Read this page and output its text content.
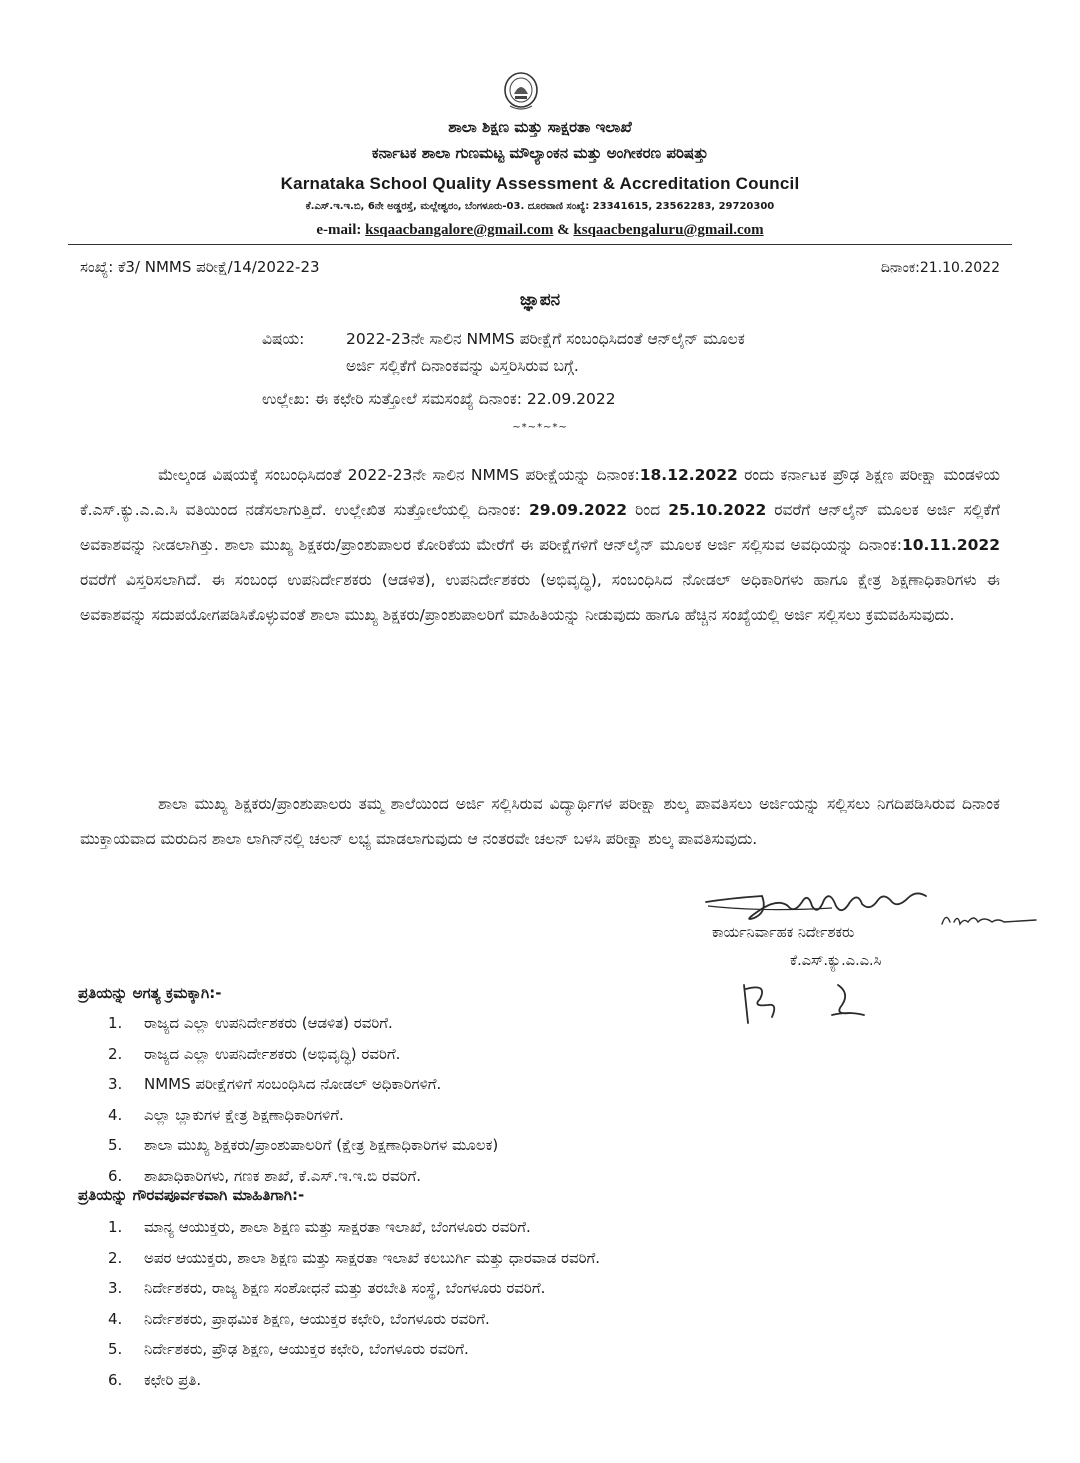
ಶಾಲಾ ಶಿಕ್ಷಣ ಮತ್ತು ಸಾಕ್ಷರತಾ ಇಲಾಖೆ
ಕರ್ನಾಟಕ ಶಾಲಾ ಗುಣಮಟ್ಟ ಮೌಲ್ಯಾಂಕನ ಮತ್ತು ಅಂಗೀಕರಣ ಪರಿಷತ್ತು
Karnataka School Quality Assessment & Accreditation Council
ಕೆ.ಎಸ್.ಇ.ಇ.ಬಿ, 6ನೇ ಅಡ್ಡರಸ್ತೆ, ಮಲ್ಲೇಶ್ವರಂ, ಬೆಂಗಳೂರು-03. ದೂರವಾಣಿ ಸಂಖ್ಯೆ: 23341615, 23562283, 29720300
e-mail: ksqaacbangalore@gmail.com & ksqaacbengaluru@gmail.com
ಸಂಖ್ಯೆ: ಕೆ3/ NMMS ಪರೀಕ್ಷೆ/14/2022-23	ದಿನಾಂಕ:21.10.2022
ಜ್ಞಾಪನ
ವಿಷಯ:	2022-23ನೇ ಸಾಲಿನ NMMS ಪರೀಕ್ಷೆಗೆ ಸಂಬಂಧಿಸಿದಂತೆ ಆನ್‌ಲೈನ್ ಮೂಲಕ
ಅರ್ಜಿ ಸಲ್ಲಿಕೆಗೆ ದಿನಾಂಕವನ್ನು ವಿಸ್ತರಿಸಿರುವ ಬಗ್ಗೆ.
ಉಲ್ಲೇಖ: ಈ ಕಛೇರಿ ಸುತ್ತೋಲೆ ಸಮಸಂಖ್ಯೆ ದಿನಾಂಕ: 22.09.2022
~*~*~*~
ಮೇಲ್ಕಂಡ ವಿಷಯಕ್ಕೆ ಸಂಬಂಧಿಸಿದಂತೆ 2022-23ನೇ ಸಾಲಿನ NMMS ಪರೀಕ್ಷೆಯನ್ನು ದಿನಾಂಕ:18.12.2022 ರಂದು ಕರ್ನಾಟಕ ಪ್ರೌಢ ಶಿಕ್ಷಣ ಪರೀಕ್ಷಾ ಮಂಡಳಿಯ ಕೆ.ಎಸ್.ಕ್ಯು.ಎ.ಎ.ಸಿ ವತಿಯಿಂದ ನಡೆಸಲಾಗುತ್ತಿದೆ. ಉಲ್ಲೇಖಿತ ಸುತ್ತೋಲೆಯಲ್ಲಿ ದಿನಾಂಕ: 29.09.2022 ರಿಂದ 25.10.2022 ರವರೆಗೆ ಆನ್‌ಲೈನ್ ಮೂಲಕ ಅರ್ಜಿ ಸಲ್ಲಿಕೆಗೆ ಅವಕಾಶವನ್ನು ನೀಡಲಾಗಿತ್ತು. ಶಾಲಾ ಮುಖ್ಯ ಶಿಕ್ಷಕರು/ಪ್ರಾಂಶುಪಾಲರ ಕೋರಿಕೆಯ ಮೇರೆಗೆ ಈ ಪರೀಕ್ಷೆಗಳಿಗೆ ಆನ್‌ಲೈನ್ ಮೂಲಕ ಅರ್ಜಿ ಸಲ್ಲಿಸುವ ಅವಧಿಯನ್ನು ದಿನಾಂಕ:10.11.2022 ರವರೆಗೆ ವಿಸ್ತರಿಸಲಾಗಿದೆ. ಈ ಸಂಬಂಧ ಉಪನಿರ್ದೇಶಕರು (ಆಡಳಿತ), ಉಪನಿರ್ದೇಶಕರು (ಅಭಿವೃದ್ಧಿ), ಸಂಬಂಧಿಸಿದ ನೋಡಲ್ ಅಧಿಕಾರಿಗಳು ಹಾಗೂ ಕ್ಷೇತ್ರ ಶಿಕ್ಷಣಾಧಿಕಾರಿಗಳು ಈ ಅವಕಾಶವನ್ನು ಸದುಪಯೋಗಪಡಿಸಿಕೊಳ್ಳುವಂತೆ ಶಾಲಾ ಮುಖ್ಯ ಶಿಕ್ಷಕರು/ಪ್ರಾಂಶುಪಾಲರಿಗೆ ಮಾಹಿತಿಯನ್ನು ನೀಡುವುದು ಹಾಗೂ ಹೆಚ್ಚಿನ ಸಂಖ್ಯೆಯಲ್ಲಿ ಅರ್ಜಿ ಸಲ್ಲಿಸಲು ಕ್ರಮವಹಿಸುವುದು.
ಶಾಲಾ ಮುಖ್ಯ ಶಿಕ್ಷಕರು/ಪ್ರಾಂಶುಪಾಲರು ತಮ್ಮ ಶಾಲೆಯಿಂದ ಅರ್ಜಿ ಸಲ್ಲಿಸಿರುವ ವಿದ್ಯಾರ್ಥಿಗಳ ಪರೀಕ್ಷಾ ಶುಲ್ಕ ಪಾವತಿಸಲು ಅರ್ಜಿಯನ್ನು ಸಲ್ಲಿಸಲು ನಿಗದಿಪಡಿಸಿರುವ ದಿನಾಂಕ ಮುಕ್ತಾಯವಾದ ಮರುದಿನ ಶಾಲಾ ಲಾಗಿನ್‌ನಲ್ಲಿ ಚಲನ್ ಲಭ್ಯ ಮಾಡಲಾಗುವುದು ಆ ನಂತರವೇ ಚಲನ್ ಬಳಸಿ ಪರೀಕ್ಷಾ ಶುಲ್ಕ ಪಾವತಿಸುವುದು.
ಕಾರ್ಯನಿರ್ವಾಹಕ ನಿರ್ದೇಶಕರು
ಕೆ.ಎಸ್.ಕ್ಯು.ಎ.ಎ.ಸಿ
ಪ್ರತಿಯನ್ನು ಅಗತ್ಯ ಕ್ರಮಕ್ಕಾಗಿ:-
1. ರಾಜ್ಯದ ಎಲ್ಲಾ ಉಪನಿರ್ದೇಶಕರು (ಆಡಳಿತ) ರವರಿಗೆ.
2. ರಾಜ್ಯದ ಎಲ್ಲಾ ಉಪನಿರ್ದೇಶಕರು (ಅಭಿವೃದ್ಧಿ) ರವರಿಗೆ.
3. NMMS ಪರೀಕ್ಷೆಗಳಿಗೆ ಸಂಬಂಧಿಸಿದ ನೋಡಲ್ ಅಧಿಕಾರಿಗಳಿಗೆ.
4. ಎಲ್ಲಾ ಬ್ಲಾಕುಗಳ ಕ್ಷೇತ್ರ ಶಿಕ್ಷಣಾಧಿಕಾರಿಗಳಿಗೆ.
5. ಶಾಲಾ ಮುಖ್ಯ ಶಿಕ್ಷಕರು/ಪ್ರಾಂಶುಪಾಲರಿಗೆ (ಕ್ಷೇತ್ರ ಶಿಕ್ಷಣಾಧಿಕಾರಿಗಳ ಮೂಲಕ)
6. ಶಾಖಾಧಿಕಾರಿಗಳು, ಗಣಕ ಶಾಖೆ, ಕೆ.ಎಸ್.ಇ.ಇ.ಬಿ ರವರಿಗೆ.
ಪ್ರತಿಯನ್ನು ಗೌರವಪೂರ್ವಕವಾಗಿ ಮಾಹಿತಿಗಾಗಿ:-
1. ಮಾನ್ಯ ಆಯುಕ್ತರು, ಶಾಲಾ ಶಿಕ್ಷಣ ಮತ್ತು ಸಾಕ್ಷರತಾ ಇಲಾಖೆ, ಬೆಂಗಳೂರು ರವರಿಗೆ.
2. ಅಪರ ಆಯುಕ್ತರು, ಶಾಲಾ ಶಿಕ್ಷಣ ಮತ್ತು ಸಾಕ್ಷರತಾ ಇಲಾಖೆ ಕಲಬುರ್ಗಿ ಮತ್ತು ಧಾರವಾಡ ರವರಿಗೆ.
3. ನಿರ್ದೇಶಕರು, ರಾಜ್ಯ ಶಿಕ್ಷಣ ಸಂಶೋಧನೆ ಮತ್ತು ತರಬೇತಿ ಸಂಸ್ಥೆ, ಬೆಂಗಳೂರು ರವರಿಗೆ.
4. ನಿರ್ದೇಶಕರು, ಪ್ರಾಥಮಿಕ ಶಿಕ್ಷಣ, ಆಯುಕ್ತರ ಕಛೇರಿ, ಬೆಂಗಳೂರು ರವರಿಗೆ.
5. ನಿರ್ದೇಶಕರು, ಪ್ರೌಢ ಶಿಕ್ಷಣ, ಆಯುಕ್ತರ ಕಛೇರಿ, ಬೆಂಗಳೂರು ರವರಿಗೆ.
6. ಕಛೇರಿ ಪ್ರತಿ.
